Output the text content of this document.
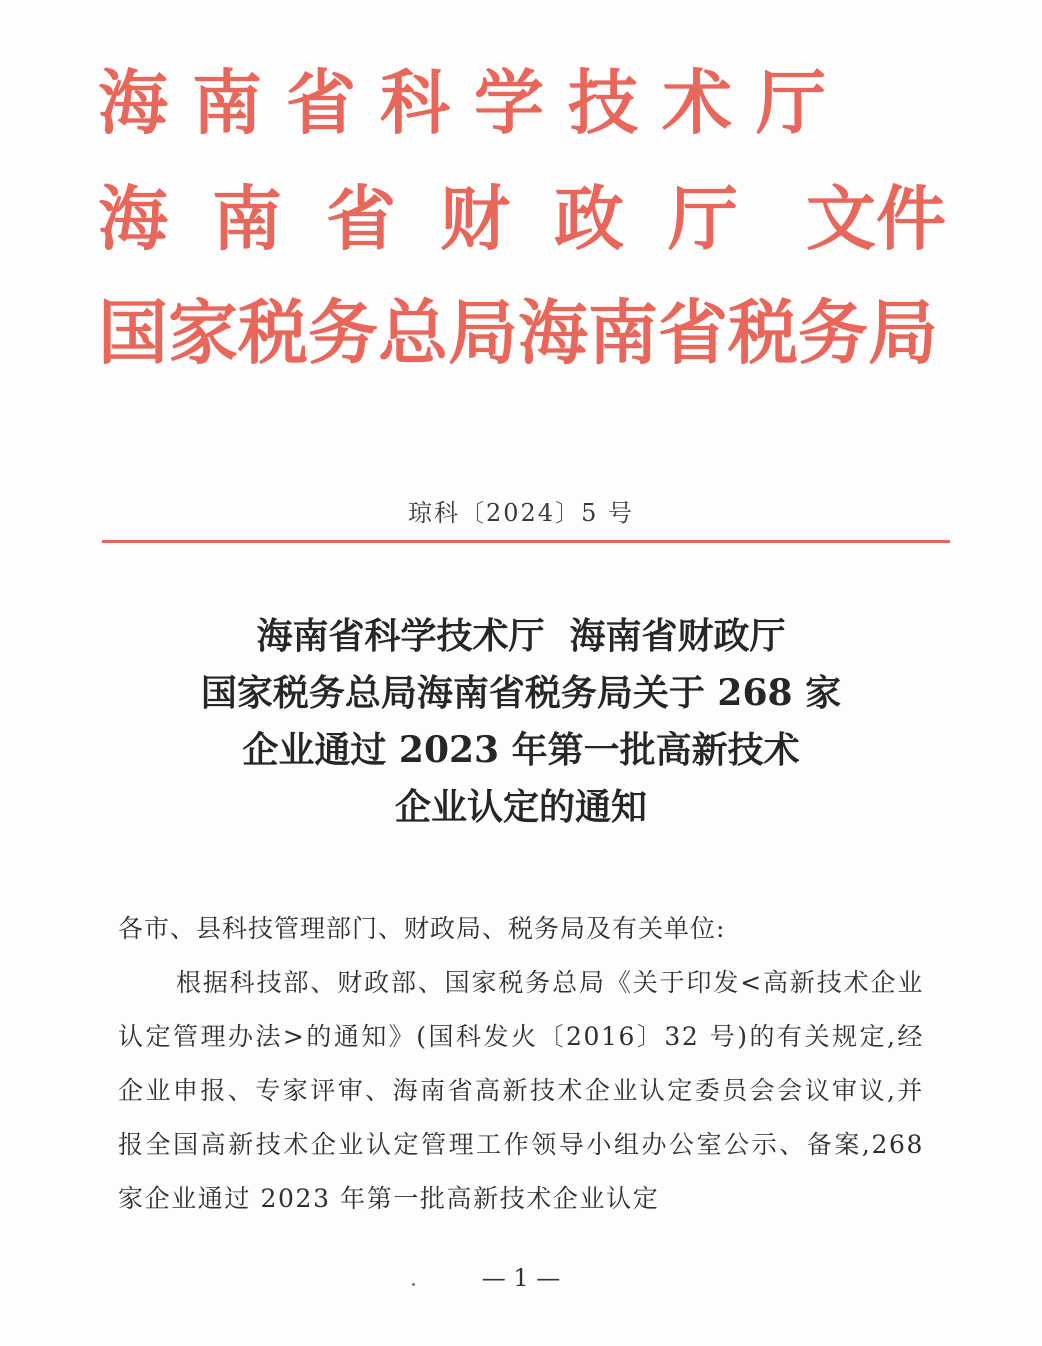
海南省科学技术厅
海 南 省 财 政 厅 文件
国家税务总局海南省税务局
琼科〔2024〕5 号
海南省科学技术厅  海南省财政厅
国家税务总局海南省税务局关于 268 家
企业通过 2023 年第一批高新技术
企业认定的通知
各市、县科技管理部门、财政局、税务局及有关单位:
根据科技部、财政部、国家税务总局《关于印发<高新技术企业认定管理办法>的通知》(国科发火〔2016〕32 号)的有关规定,经企业申报、专家评审、海南省高新技术企业认定委员会会议审议,并报全国高新技术企业认定管理工作领导小组办公室公示、备案,268 家企业通过 2023 年第一批高新技术企业认定
— 1 —
